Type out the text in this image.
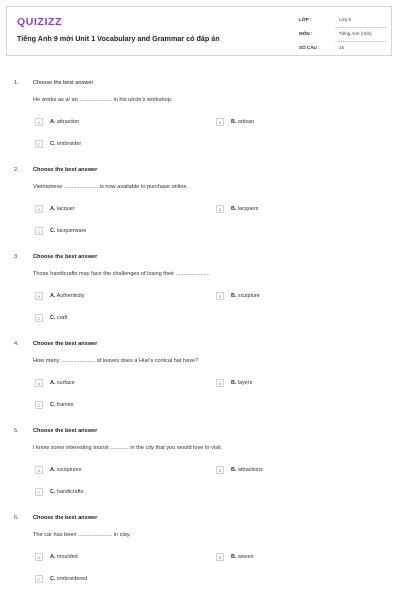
QUIZIZZ
Tiếng Anh 9 mới Unit 1 Vocabulary and Grammar có đáp án
LỚP :	Lớp 9
MÔN :	Tiếng Anh (mới)
SỐ CÂU :	15
1.	Choose the best answer
He works as a/ an ..................... in his uncle's workshop.
A	A. attraction	B	B. artisan
C	C. embroider
2.	Choose the best answer
Vietnamese ...................... is now available to purchase online.
A	A. lacquer	B	B. lacquers
C	C. lacquerware
3.	Choose the best answer
Those handicrafts may face the challenges of losing their ......................
A	A. Authenticity	B	B. sculpture
C	C. craft
4.	Choose the best answer
How many ...................... of leaves does a Hue's conical hat have?
A	A. surface	B	B. layers
C	C. frames
5.	Choose the best answer
I know some interesting tourist ............ in the city that you would love to visit.
A	A. sculptures	B	B. attractions
C	C. handicrafts
6.	Choose the best answer
The car has been ...................... in clay.
A	A. moulded	B	B. woven
C	C. embroidered
